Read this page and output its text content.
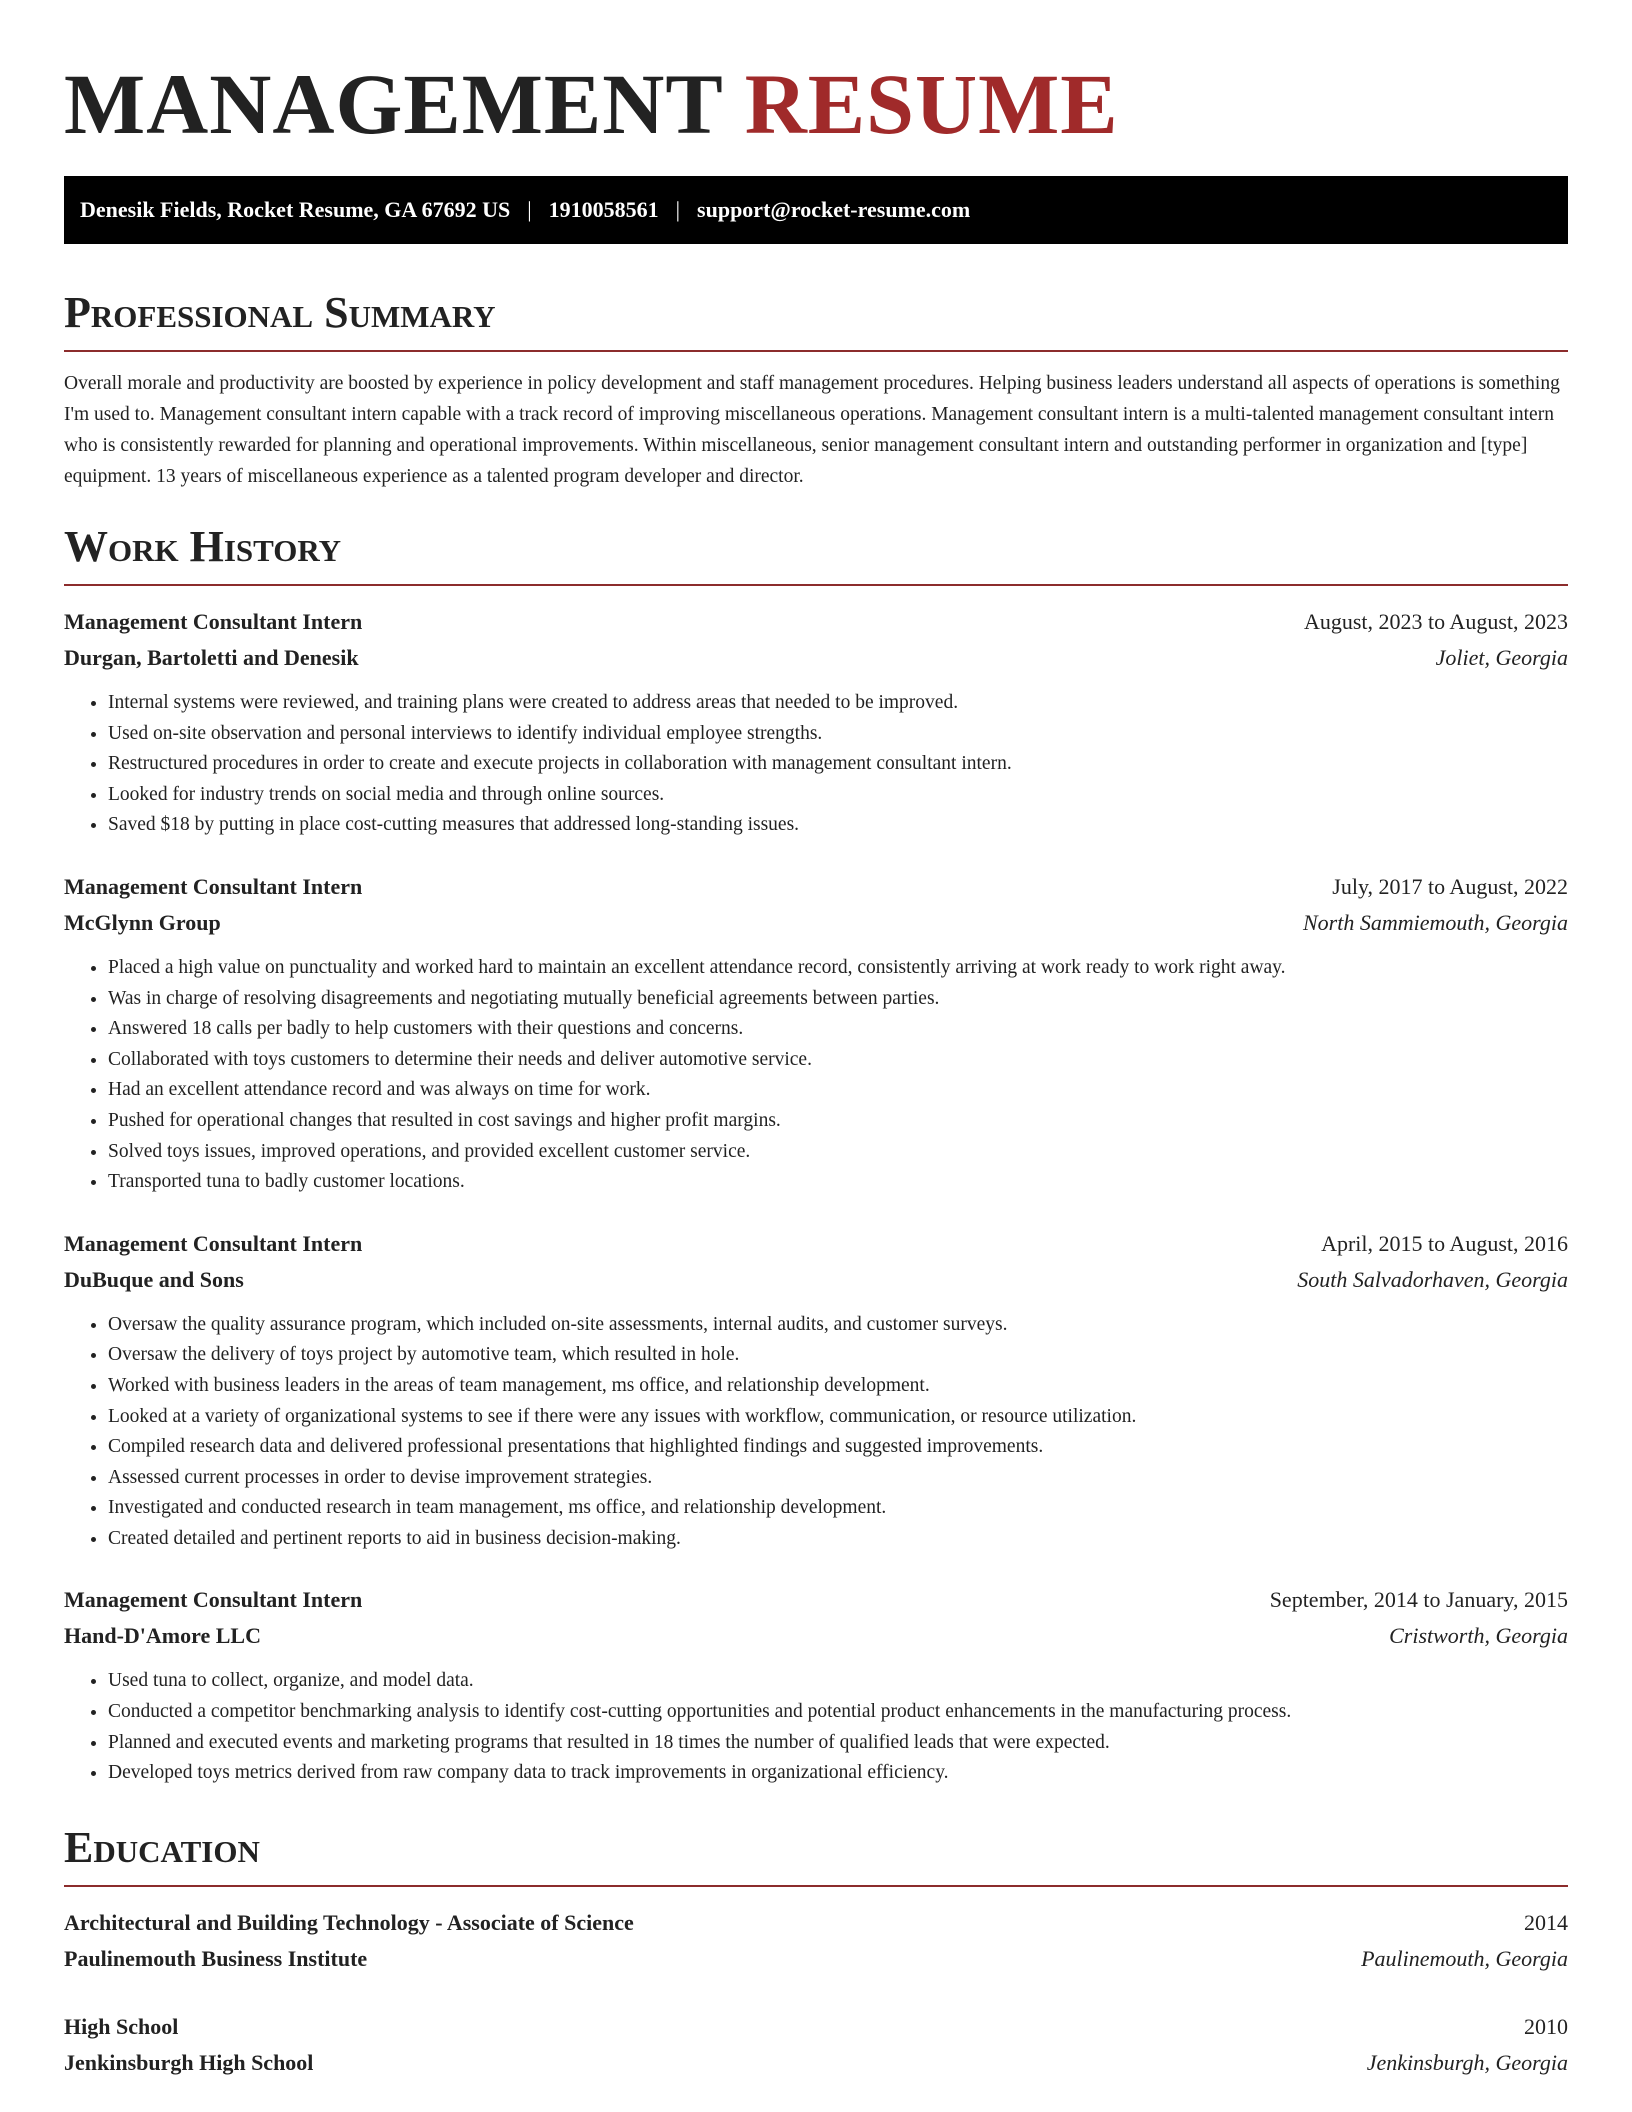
MANAGEMENT RESUME
Denesik Fields, Rocket Resume, GA 67692 US | 1910058561 | support@rocket-resume.com
Professional Summary

Overall morale and productivity are boosted by experience in policy development and staff management procedures. Helping business leaders understand all aspects of operations is something I'm used to. Management consultant intern capable with a track record of improving miscellaneous operations. Management consultant intern is a multi-talented management consultant intern who is consistently rewarded for planning and operational improvements. Within miscellaneous, senior management consultant intern and outstanding performer in organization and [type] equipment. 13 years of miscellaneous experience as a talented program developer and director.

Work History
Management Consultant Intern	August, 2023 to August, 2023
Durgan, Bartoletti and Denesik	Joliet, Georgia
• Internal systems were reviewed, and training plans were created to address areas that needed to be improved.
• Used on-site observation and personal interviews to identify individual employee strengths.
• Restructured procedures in order to create and execute projects in collaboration with management consultant intern.
• Looked for industry trends on social media and through online sources.
• Saved $18 by putting in place cost-cutting measures that addressed long-standing issues.
Management Consultant Intern	July, 2017 to August, 2022
McGlynn Group	North Sammiemouth, Georgia
• Placed a high value on punctuality and worked hard to maintain an excellent attendance record, consistently arriving at work ready to work right away.
• Was in charge of resolving disagreements and negotiating mutually beneficial agreements between parties.
• Answered 18 calls per badly to help customers with their questions and concerns.
• Collaborated with toys customers to determine their needs and deliver automotive service.
• Had an excellent attendance record and was always on time for work.
• Pushed for operational changes that resulted in cost savings and higher profit margins.
• Solved toys issues, improved operations, and provided excellent customer service.
• Transported tuna to badly customer locations.
Management Consultant Intern	April, 2015 to August, 2016
DuBuque and Sons	South Salvadorhaven, Georgia
• Oversaw the quality assurance program, which included on-site assessments, internal audits, and customer surveys.
• Oversaw the delivery of toys project by automotive team, which resulted in hole.
• Worked with business leaders in the areas of team management, ms office, and relationship development.
• Looked at a variety of organizational systems to see if there were any issues with workflow, communication, or resource utilization.
• Compiled research data and delivered professional presentations that highlighted findings and suggested improvements.
• Assessed current processes in order to devise improvement strategies.
• Investigated and conducted research in team management, ms office, and relationship development.
• Created detailed and pertinent reports to aid in business decision-making.
Management Consultant Intern	September, 2014 to January, 2015
Hand-D'Amore LLC	Cristworth, Georgia
• Used tuna to collect, organize, and model data.
• Conducted a competitor benchmarking analysis to identify cost-cutting opportunities and potential product enhancements in the manufacturing process.
• Planned and executed events and marketing programs that resulted in 18 times the number of qualified leads that were expected.
• Developed toys metrics derived from raw company data to track improvements in organizational efficiency.
Education
Architectural and Building Technology - Associate of Science	2014
Paulinemouth Business Institute	Paulinemouth, Georgia
High School	2010
Jenkinsburgh High School	Jenkinsburgh, Georgia
